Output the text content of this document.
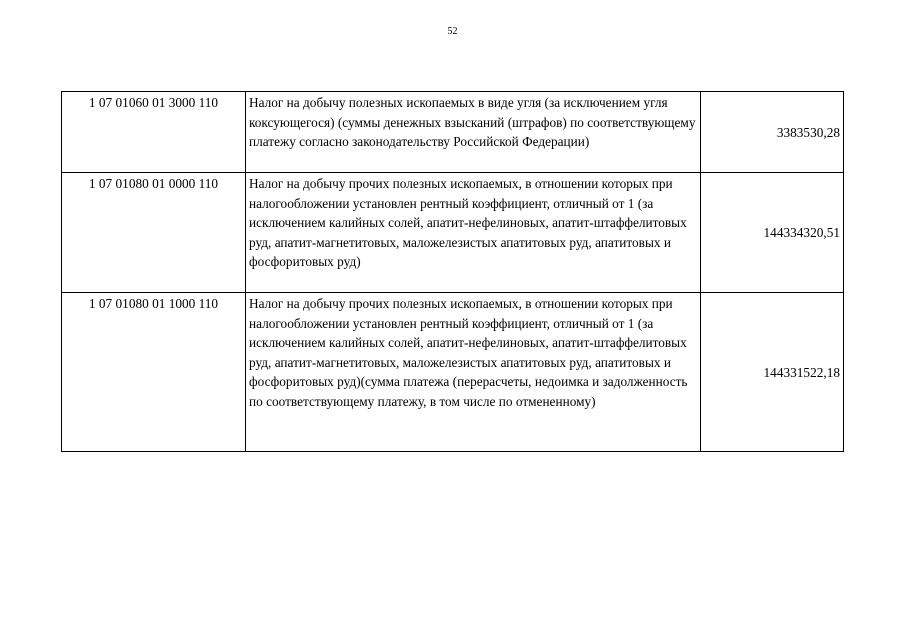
52
1 07 01060 01 3000 110	Налог на добычу полезных ископаемых в виде угля (за исключением угля коксующегося) (суммы денежных взысканий (штрафов) по соответствующему платежу согласно законодательству Российской Федерации)	3383530,28
1 07 01080 01 0000 110	Налог на добычу прочих полезных ископаемых, в отношении которых при налогообложении установлен рентный коэффициент, отличный от 1 (за исключением калийных солей, апатит-нефелиновых, апатит-штаффелитовых руд, апатит-магнетитовых, маложелезистых апатитовых руд, апатитовых и фосфоритовых руд)	144334320,51
1 07 01080 01 1000 110	Налог на добычу прочих полезных ископаемых, в отношении которых при налогообложении установлен рентный коэффициент, отличный от 1 (за исключением калийных солей, апатит-нефелиновых, апатит-штаффелитовых руд, апатит-магнетитовых, маложелезистых апатитовых руд, апатитовых и фосфоритовых руд)(сумма платежа (перерасчеты, недоимка и задолженность по соответствующему платежу, в том числе по отмененному)	144331522,18
